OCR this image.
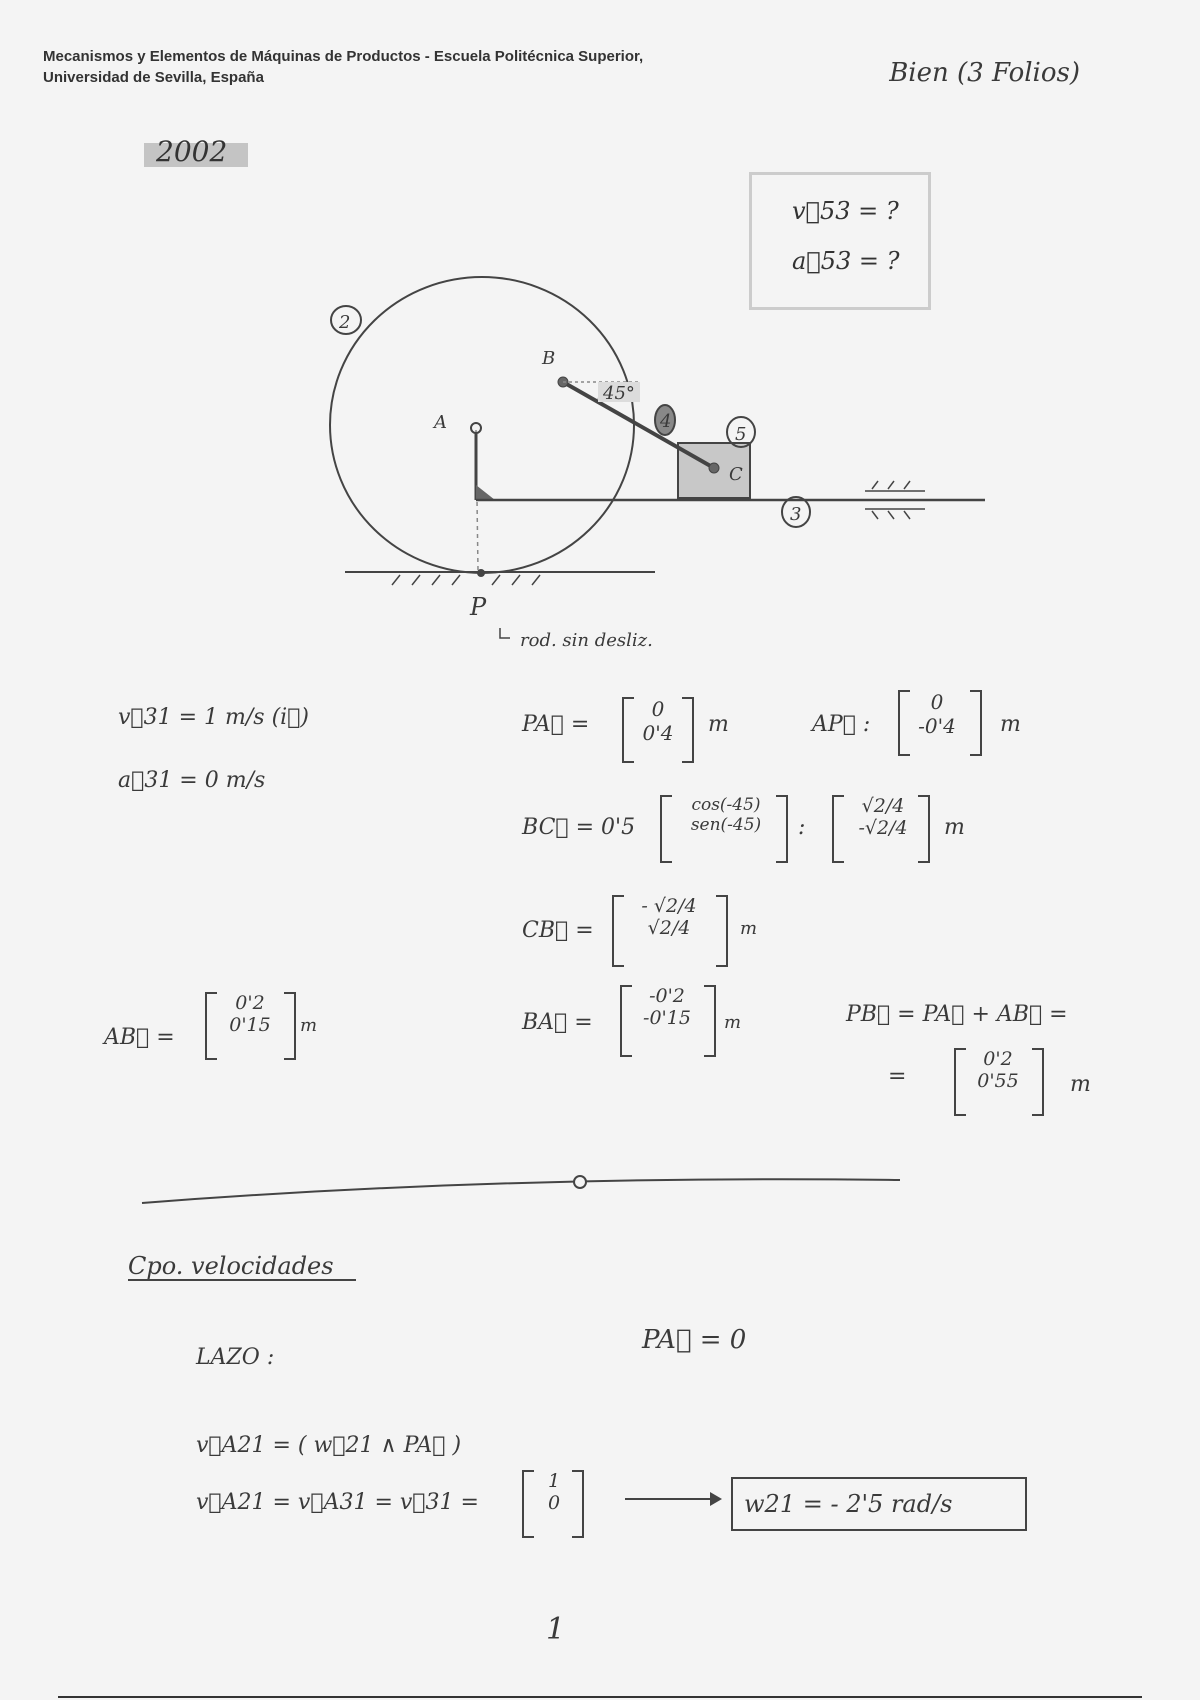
Mecanismos y Elementos de Máquinas de Productos - Escuela Politécnica Superior,
Universidad de Sevilla, España	Bien (3 Folios)
2002
v⃗53 = ?
a⃗53 = ?
45°
2
B
A	4
5
C
3
P
rod. sin desliz.
v⃗31 = 1 m/s (i⃗)
a⃗31 = 0 m/s
PA⃗ =
0
0'4 m	AP⃗ :
0
-0'4	m
BC⃗ = 0'5
cos(-45)
sen(-45)	:
√2/4
-√2/4	m
CB⃗ =
- √2/4
√2/4	m
AB⃗ =
0'2
0'15	m	BA⃗ =
-0'2
-0'15	m	PB⃗ = PA⃗ + AB⃗ =
=
0'2
0'55	m
Cpo. velocidades
LAZO :
PA⃗ = 0
v⃗A21 = ( w⃗21 ∧ PA⃗ )
v⃗A21 = v⃗A31 = v⃗31 =
1
0	w21 = - 2'5 rad/s
1
